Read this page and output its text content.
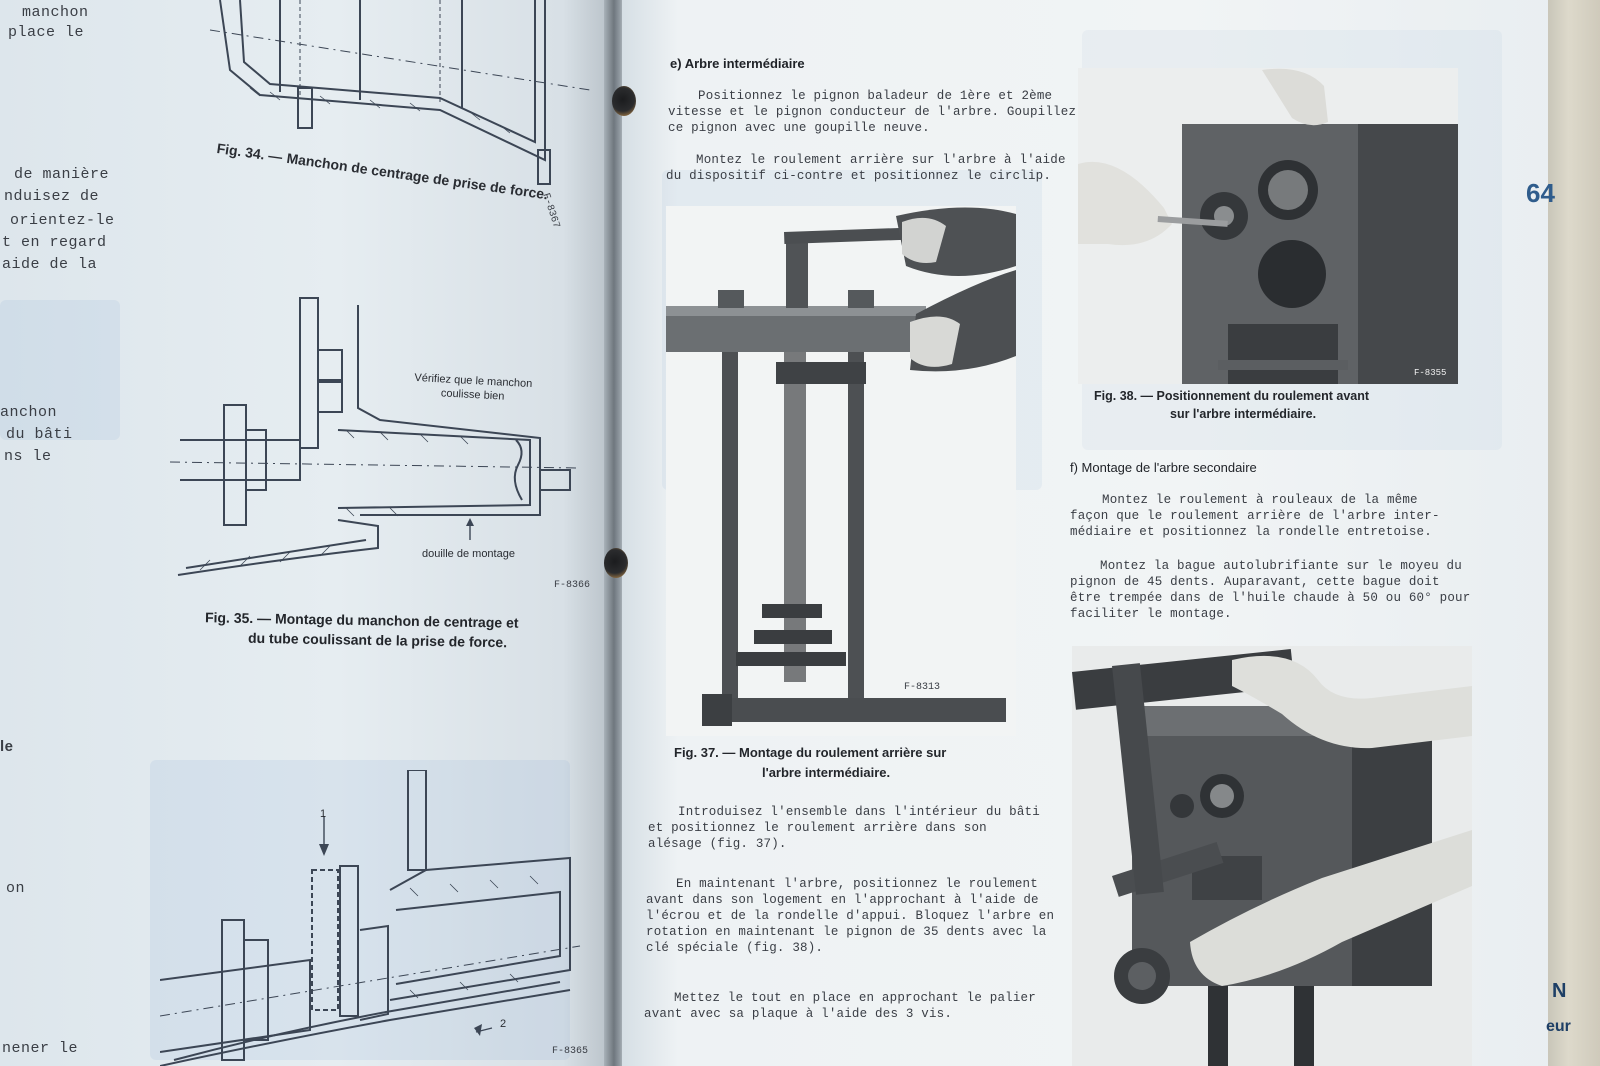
manchon

place le

de manière

nduisez de

orientez-le

t en regard

aide de la

anchon

du bâti

ns le

le

on

nener le

F-8367

Fig. 34. — Manchon de centrage de prise de force.
Vérifiez que le manchon coulisse bien

douille de montage

F-8366

Fig. 35. — Montage du manchon de centrage et

du tube coulissant de la prise de force.

1

2

F-8365

e) Arbre intermédiaire

Positionnez le pignon baladeur de 1ère et 2ème
vitesse et le pignon conducteur de l'arbre. Goupillez
ce pignon avec une goupille neuve.
Montez le roulement arrière sur l'arbre à l'aide
du dispositif ci-contre et positionnez le circlip.

F-8313

Fig. 37. — Montage du roulement arrière sur

l'arbre intermédiaire.

Introduisez l'ensemble dans l'intérieur du bâti
et positionnez le roulement arrière dans son
alésage (fig. 37).
En maintenant l'arbre, positionnez le roulement
avant dans son logement en l'approchant à l'aide de
l'écrou et de la rondelle d'appui. Bloquez l'arbre en
rotation en maintenant le pignon de 35 dents avec la
clé spéciale (fig. 38).
Mettez le tout en place en approchant le palier
avant avec sa plaque à l'aide des 3 vis.

F-8355

Fig. 38. — Positionnement du roulement avant

sur l'arbre intermédiaire.

f) Montage de l'arbre secondaire

Montez le roulement à rouleaux de la même
façon que le roulement arrière de l'arbre inter-
médiaire et positionnez la rondelle entretoise.
Montez la bague autolubrifiante sur le moyeu du
pignon de 45 dents. Auparavant, cette bague doit
être trempée dans de l'huile chaude à 50 ou 60° pour
faciliter le montage.

64

N

eur
